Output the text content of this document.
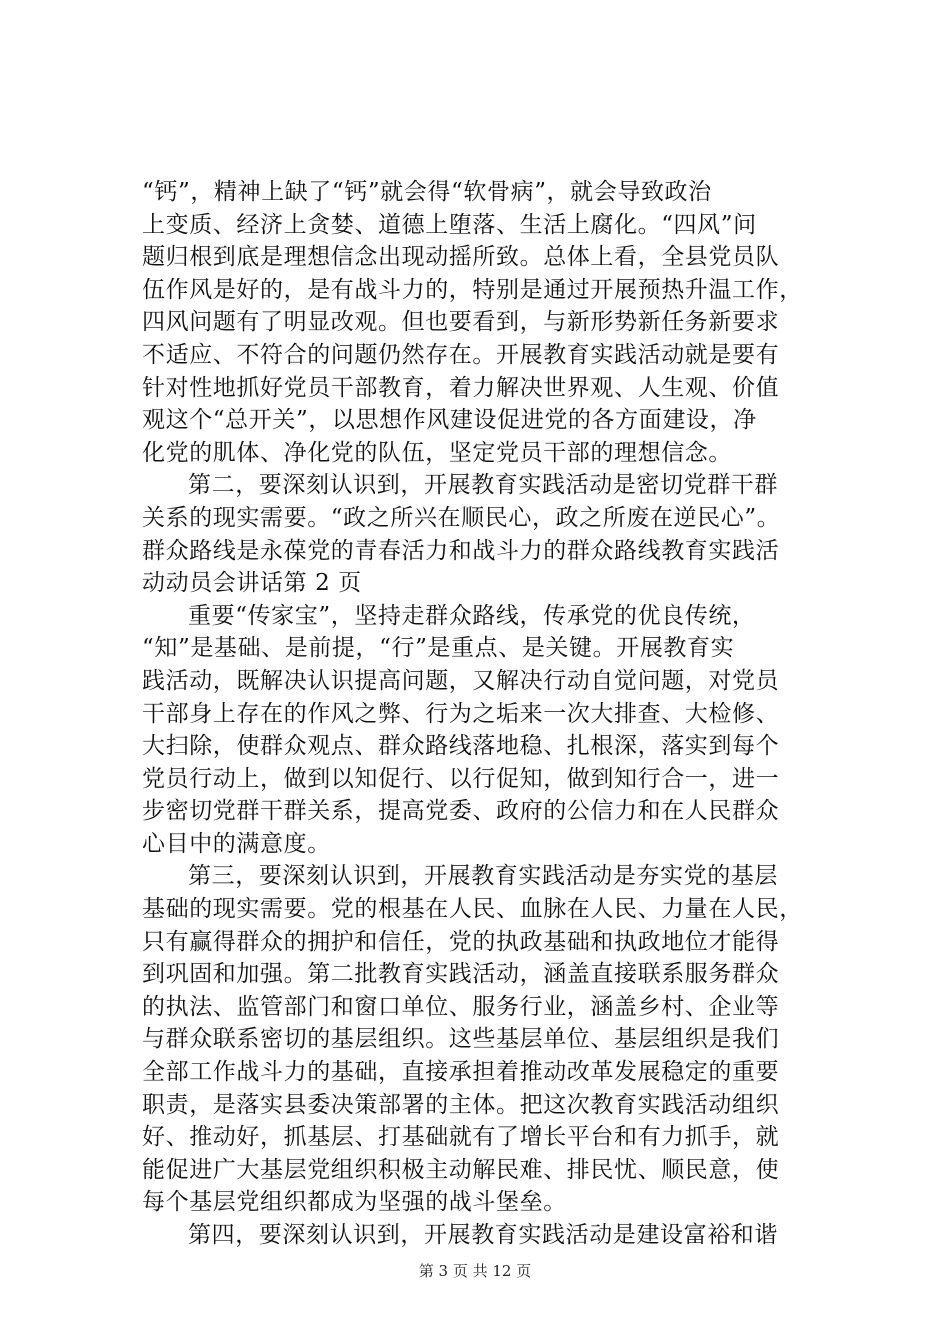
“钙”，精神上缺了“钙”就会得“软骨病”，就会导致政治
上变质、经济上贪婪、道德上堕落、生活上腐化。“四风”问
题归根到底是理想信念出现动摇所致。总体上看，全县党员队
伍作风是好的，是有战斗力的，特别是通过开展预热升温工作，
四风问题有了明显改观。但也要看到，与新形势新任务新要求
不适应、不符合的问题仍然存在。开展教育实践活动就是要有
针对性地抓好党员干部教育，着力解决世界观、人生观、价值
观这个“总开关”，以思想作风建设促进党的各方面建设，净
化党的肌体、净化党的队伍，坚定党员干部的理想信念。
第二，要深刻认识到，开展教育实践活动是密切党群干群
关系的现实需要。“政之所兴在顺民心，政之所废在逆民心”。
群众路线是永葆党的青春活力和战斗力的群众路线教育实践活
动动员会讲话第 2 页
重要“传家宝”，坚持走群众路线，传承党的优良传统，
“知”是基础、是前提，“行”是重点、是关键。开展教育实
践活动，既解决认识提高问题，又解决行动自觉问题，对党员
干部身上存在的作风之弊、行为之垢来一次大排查、大检修、
大扫除，使群众观点、群众路线落地稳、扎根深，落实到每个
党员行动上，做到以知促行、以行促知，做到知行合一，进一
步密切党群干群关系，提高党委、政府的公信力和在人民群众
心目中的满意度。
第三，要深刻认识到，开展教育实践活动是夯实党的基层
基础的现实需要。党的根基在人民、血脉在人民、力量在人民，
只有赢得群众的拥护和信任，党的执政基础和执政地位才能得
到巩固和加强。第二批教育实践活动，涵盖直接联系服务群众
的执法、监管部门和窗口单位、服务行业，涵盖乡村、企业等
与群众联系密切的基层组织。这些基层单位、基层组织是我们
全部工作战斗力的基础，直接承担着推动改革发展稳定的重要
职责，是落实县委决策部署的主体。把这次教育实践活动组织
好、推动好，抓基层、打基础就有了增长平台和有力抓手，就
能促进广大基层党组织积极主动解民难、排民忧、顺民意，使
每个基层党组织都成为坚强的战斗堡垒。
第四，要深刻认识到，开展教育实践活动是建设富裕和谐
第 3 页 共 12 页
